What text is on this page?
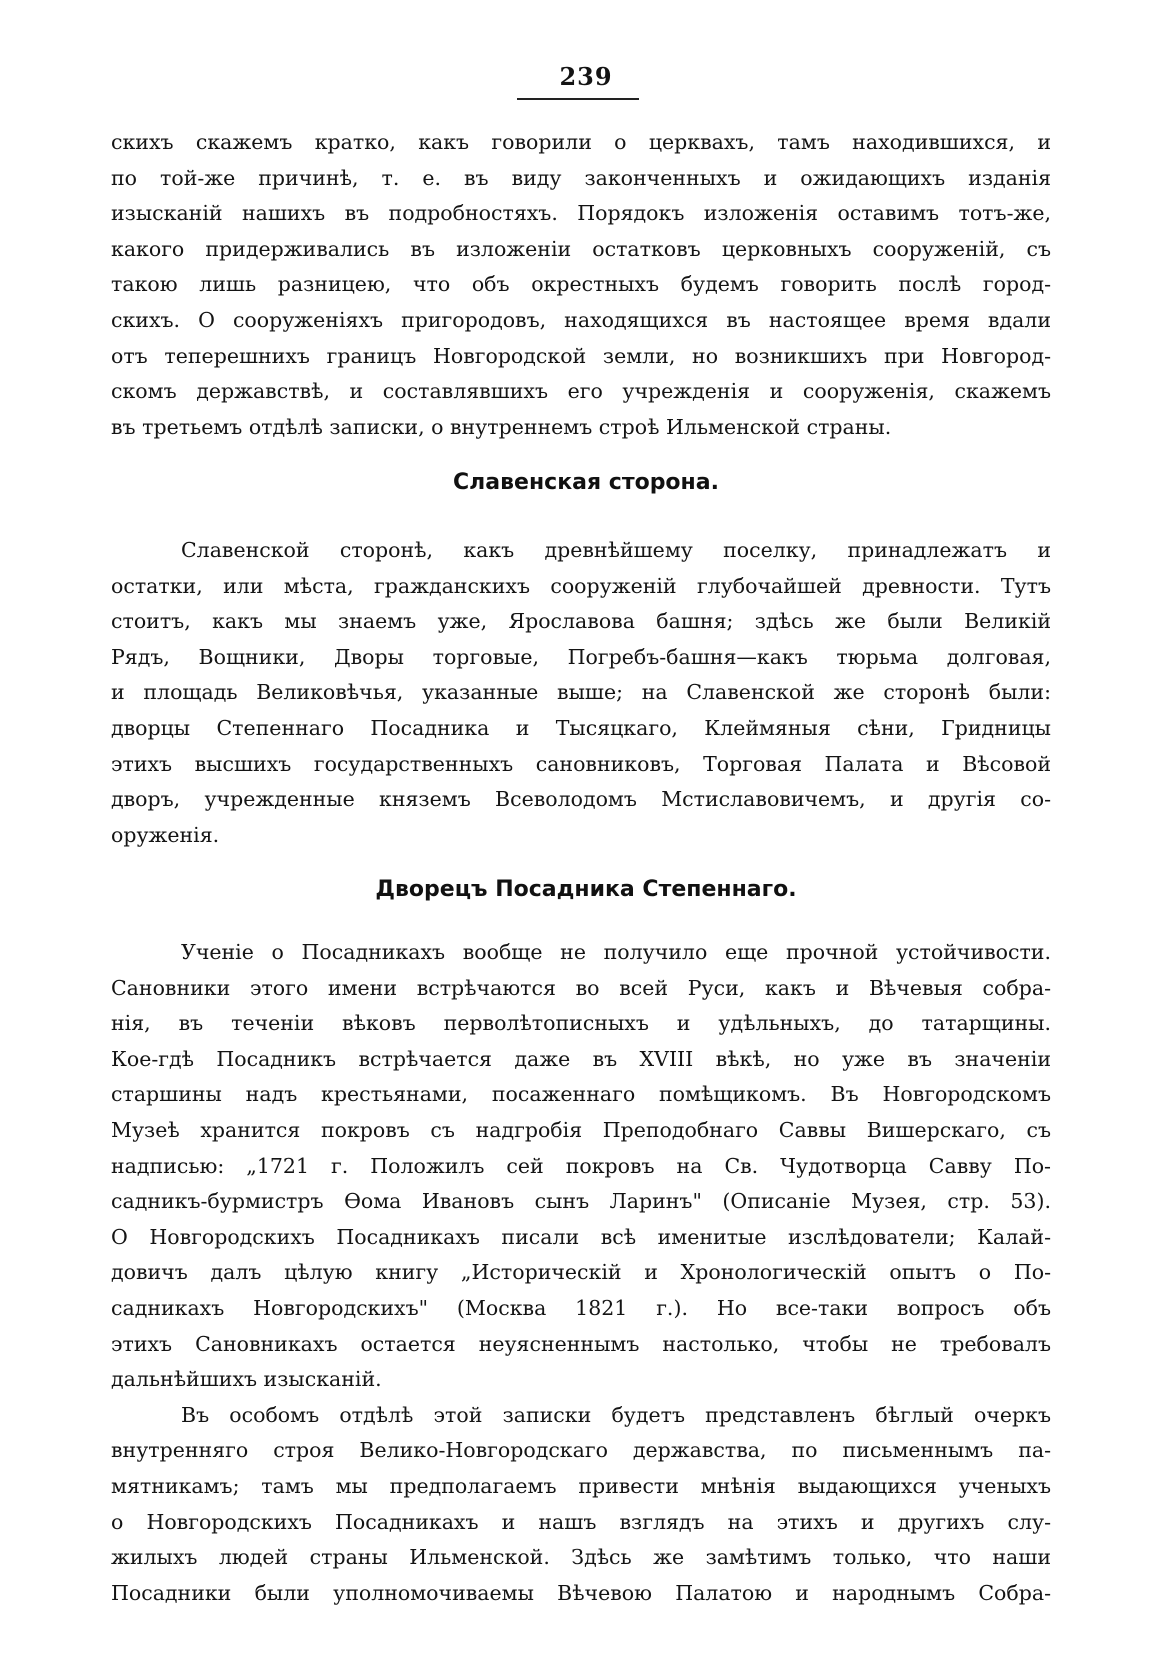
239
скихъ скажемъ кратко, какъ говорили о церквахъ, тамъ находившихся, и
по той-же причинѣ, т. е. въ виду законченныхъ и ожидающихъ изданія
изысканій нашихъ въ подробностяхъ. Порядокъ изложенія оставимъ тотъ-же,
какого придерживались въ изложеніи остатковъ церковныхъ сооруженій, съ
такою лишь разницею, что объ окрестныхъ будемъ говорить послѣ город-
скихъ. О сооруженіяхъ пригородовъ, находящихся въ настоящее время вдали
отъ теперешнихъ границъ Новгородской земли, но возникшихъ при Новгород-
скомъ державствѣ, и составлявшихъ его учрежденія и сооруженія, скажемъ
въ третьемъ отдѣлѣ записки, о внутреннемъ строѣ Ильменской страны.
Славенская сторона.
Славенской сторонѣ, какъ древнѣйшему поселку, принадлежатъ и
остатки, или мѣста, гражданскихъ сооруженій глубочайшей древности. Тутъ
стоитъ, какъ мы знаемъ уже, Ярославова башня; здѣсь же были Великій
Рядъ, Вощники, Дворы торговые, Погребъ-башня—какъ тюрьма долговая,
и площадь Великовѣчья, указанные выше; на Славенской же сторонѣ были:
дворцы Степеннаго Посадника и Тысяцкаго, Клеймяныя сѣни, Гридницы
этихъ высшихъ государственныхъ сановниковъ, Торговая Палата и Вѣсовой
дворъ, учрежденные княземъ Всеволодомъ Мстиславовичемъ, и другія со-
оруженія.
Дворецъ Посадника Степеннаго.
Ученіе о Посадникахъ вообще не получило еще прочной устойчивости.
Сановники этого имени встрѣчаются во всей Руси, какъ и Вѣчевыя собра-
нія, въ теченіи вѣковъ перволѣтописныхъ и удѣльныхъ, до татарщины.
Кое-гдѣ Посадникъ встрѣчается даже въ XVIII вѣкѣ, но уже въ значеніи
старшины надъ крестьянами, посаженнаго помѣщикомъ. Въ Новгородскомъ
Музеѣ хранится покровъ съ надгробія Преподобнаго Саввы Вишерскаго, съ
надписью: „1721 г. Положилъ сей покровъ на Св. Чудотворца Савву По-
садникъ-бурмистръ Ѳома Ивановъ сынъ Ларинъ" (Описаніе Музея, стр. 53).
О Новгородскихъ Посадникахъ писали всѣ именитые изслѣдователи; Калай-
довичъ далъ цѣлую книгу „Историческій и Хронологическій опытъ о По-
садникахъ Новгородскихъ" (Москва 1821 г.). Но все-таки вопросъ объ
этихъ Сановникахъ остается неуясненнымъ настолько, чтобы не требовалъ
дальнѣйшихъ изысканій.
Въ особомъ отдѣлѣ этой записки будетъ представленъ бѣглый очеркъ
внутренняго строя Велико-Новгородскаго державства, по письменнымъ па-
мятникамъ; тамъ мы предполагаемъ привести мнѣнія выдающихся ученыхъ
о Новгородскихъ Посадникахъ и нашъ взглядъ на этихъ и другихъ слу-
жилыхъ людей страны Ильменской. Здѣсь же замѣтимъ только, что наши
Посадники были уполномочиваемы Вѣчевою Палатою и народнымъ Собра-
